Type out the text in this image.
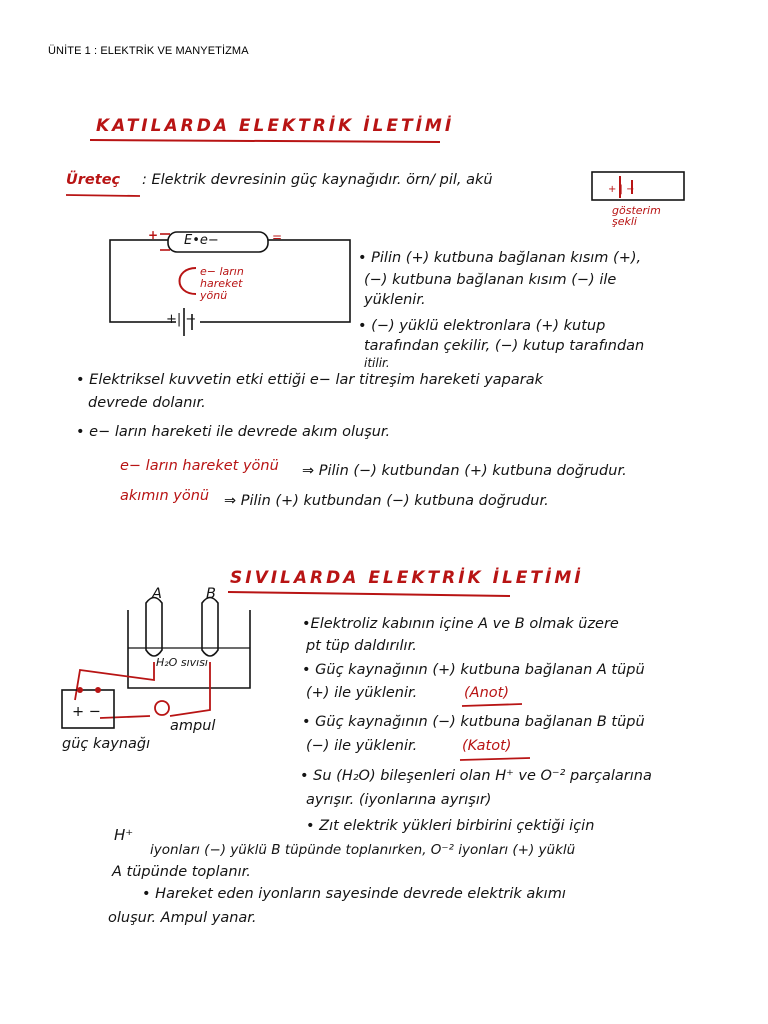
ÜNİTE 1 : ELEKTRİK VE MANYETİZMA
KATILARDA ELEKTRİK İLETİMİ
Üreteç : Elektrik devresinin güç kaynağıdır. örn/ pil, akü
gösterim şekli
+ | −
+	=
E•e−
e− ların hareket yönü
+| −
• Pilin (+) kutbuna bağlanan kısım (+),
(−) kutbuna bağlanan kısım (−) ile
yüklenir.
• (−) yüklü elektronlara (+) kutup
tarafından çekilir, (−) kutup tarafından
itilir.
• Elektriksel kuvvetin etki ettiği e− lar titreşim hareketi yaparak
devrede dolanır.
• e− ların hareketi ile devrede akım oluşur.
e− ların hareket yönü ⇒ Pilin (−) kutbundan (+) kutbuna doğrudur.
akımın yönü ⇒ Pilin (+) kutbundan (−) kutbuna doğrudur.
SIVILARDA ELEKTRİK İLETİMİ
A	B
H₂O sıvısı
+ −
güç kaynağı
ampul
•Elektroliz kabının içine A ve B olmak üzere
pt tüp daldırılır.
• Güç kaynağının (+) kutbuna bağlanan A tüpü
(+) ile yüklenir.	(Anot)
• Güç kaynağının (−) kutbuna bağlanan B tüpü
(−) ile yüklenir.	(Katot)
• Su (H₂O) bileşenleri olan H⁺ ve O⁻² parçalarına
ayrışır. (iyonlarına ayrışır)
• Zıt elektrik yükleri birbirini çektiği için
H⁺
iyonları (−) yüklü B tüpünde toplanırken, O⁻² iyonları (+) yüklü
A tüpünde toplanır.
• Hareket eden iyonların sayesinde devrede elektrik akımı
oluşur. Ampul yanar.
